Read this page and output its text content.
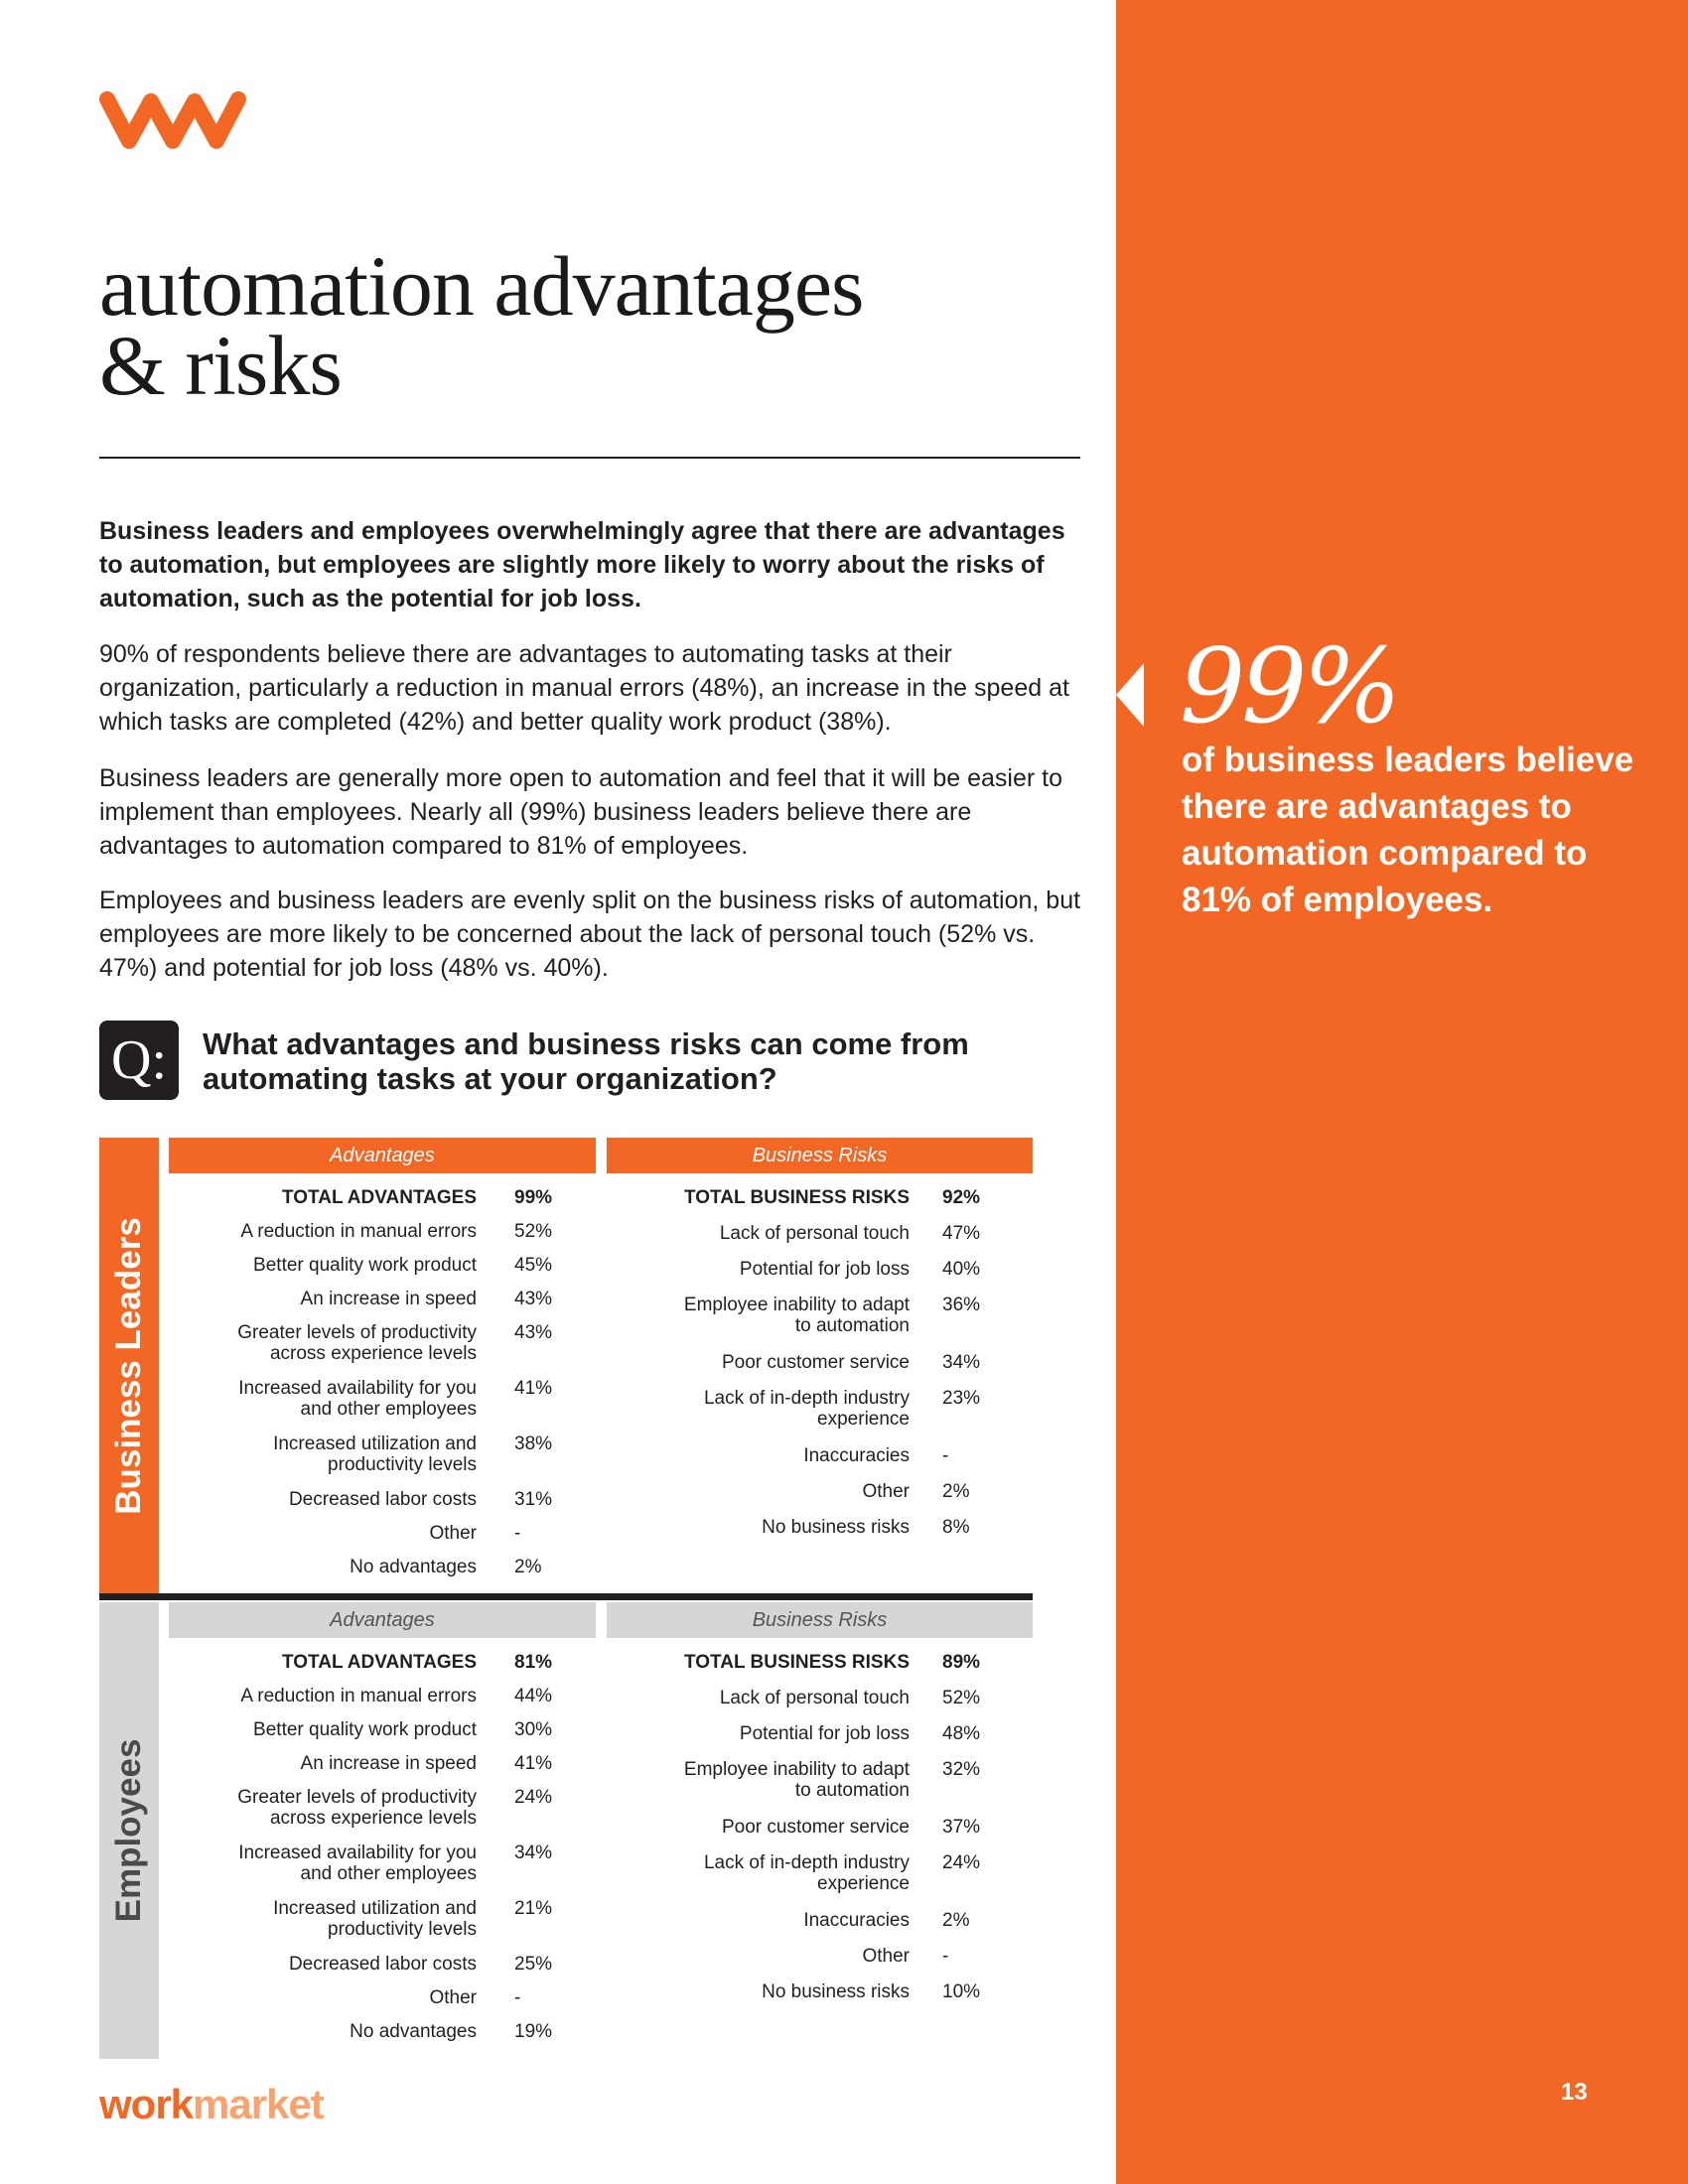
automation advantages
& risks

Business leaders and employees overwhelmingly agree that there are advantages to automation, but employees are slightly more likely to worry about the risks of automation, such as the potential for job loss.

90% of respondents believe there are advantages to automating tasks at their organization, particularly a reduction in manual errors (48%), an increase in the speed at which tasks are completed (42%) and better quality work product (38%).

Business leaders are generally more open to automation and feel that it will be easier to implement than employees. Nearly all (99%) business leaders believe there are advantages to automation compared to 81% of employees.

Employees and business leaders are evenly split on the business risks of automation, but employees are more likely to be concerned about the lack of personal touch (52% vs. 47%) and potential for job loss (48% vs. 40%).

99%
of business leaders believe there are advantages to automation compared to 81% of employees.
Q:	What advantages and business risks can come from automating tasks at your organization?
Business Leaders
Employees
Advantages	Business Risks
Advantages	Business Risks
TOTAL ADVANTAGES 99%
A reduction in manual errors 52%
Better quality work product 45%
An increase in speed 43%
Greater levels of productivity
across experience levels
43%
Increased availability for you
and other employees
41%
Increased utilization and
productivity levels
38%
Decreased labor costs 31%
Other -
No advantages 2%
TOTAL BUSINESS RISKS 92%
Lack of personal touch 47%
Potential for job loss 40%
Employee inability to adapt
to automation
36%
Poor customer service 34%
Lack of in-depth industry
experience
23%
Inaccuracies -
Other 2%
No business risks 8%
TOTAL ADVANTAGES 81%
A reduction in manual errors 44%
Better quality work product 30%
An increase in speed 41%
Greater levels of productivity
across experience levels
24%
Increased availability for you
and other employees
34%
Increased utilization and
productivity levels
21%
Decreased labor costs 25%
Other -
No advantages 19%
TOTAL BUSINESS RISKS 89%
Lack of personal touch 52%
Potential for job loss 48%
Employee inability to adapt
to automation
32%
Poor customer service 37%
Lack of in-depth industry
experience
24%
Inaccuracies 2%
Other -
No business risks 10%
workmarket	13
